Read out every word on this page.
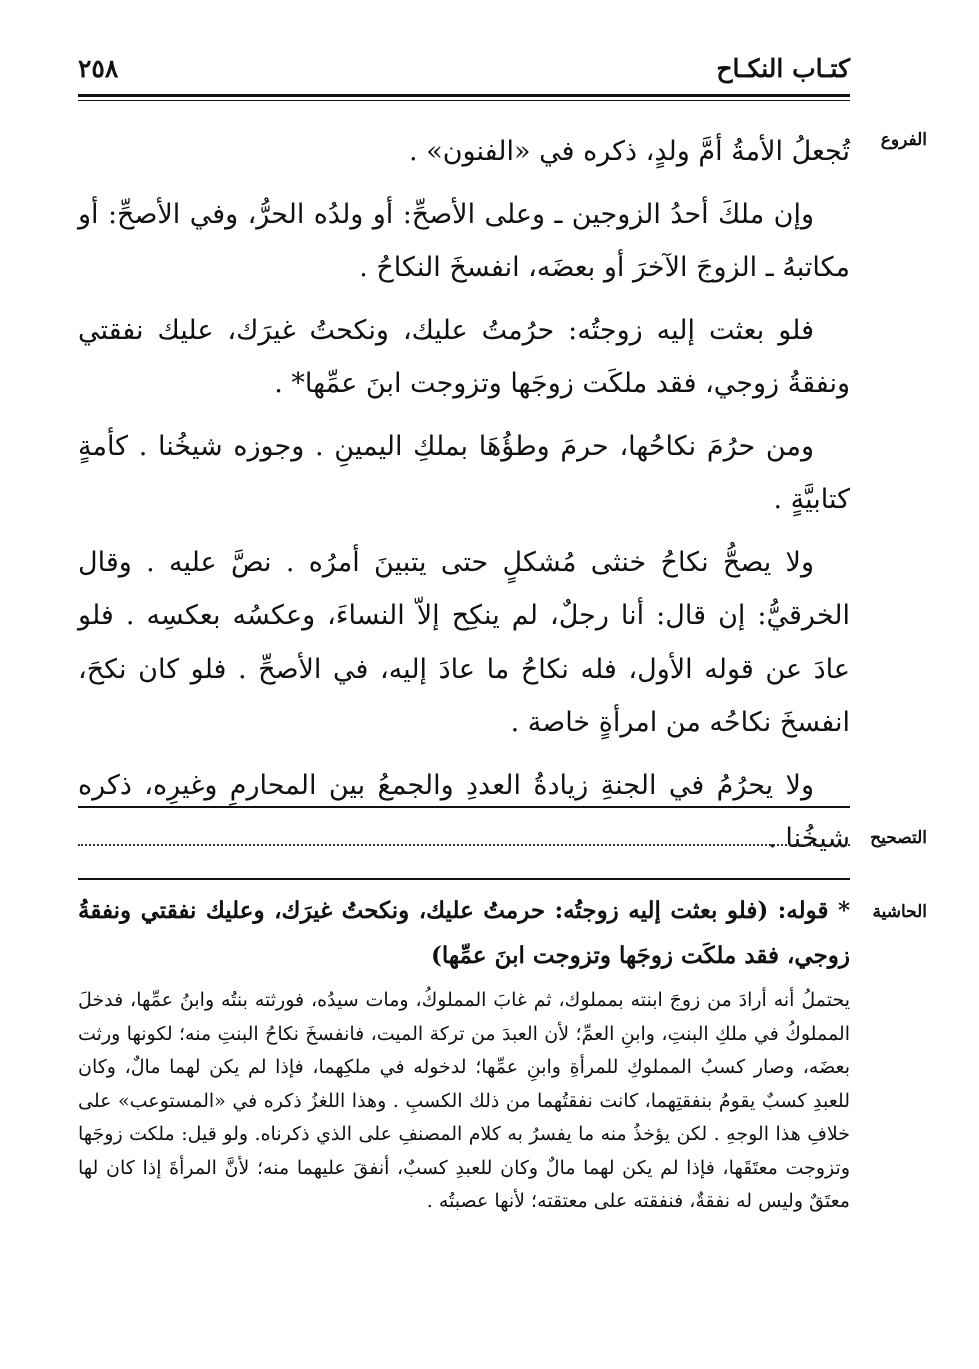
كتـاب النكـاح
٢٥٨
الفروع

تُجعلُ الأمةُ أمَّ ولدٍ، ذكره في «الفنون» .

وإن ملكَ أحدُ الزوجين ـ وعلى الأصحِّ: أو ولدُه الحرُّ، وفي الأصحِّ: أو مكاتبهُ ـ الزوجَ الآخرَ أو بعضَه، انفسخَ النكاحُ .

فلو بعثت إليه زوجتُه: حرُمتُ عليك، ونكحتُ غيرَك، عليك نفقتي ونفقةُ زوجي، فقد ملكَت زوجَها وتزوجت ابنَ عمِّها* .

ومن حرُمَ نكاحُها، حرمَ وطؤُهَا بملكِ اليمينِ . وجوزه شيخُنا . كأمةٍ كتابيَّةٍ .

ولا يصحُّ نكاحُ خنثى مُشكلٍ حتى يتبينَ أمرُه . نصَّ عليه . وقال الخرقيُّ: إن قال: أنا رجلٌ، لم ينكِح إلاّ النساءَ، وعكسُه بعكسِه . فلو عادَ عن قوله الأول، فله نكاحُ ما عادَ إليه، في الأصحِّ . فلو كان نكحَ، انفسخَ نكاحُه من امرأةٍ خاصة .

ولا يحرُمُ في الجنةِ زيادةُ العددِ والجمعُ بين المحارمِ وغيرِه، ذكره شيخُنا .	التصحيح
الحاشية

* قوله: (فلو بعثت إليه زوجتُه: حرمتُ عليك، ونكحتُ غيرَك، وعليك نفقتي ونفقةُ زوجي، فقد ملكَت زوجَها وتزوجت ابنَ عمِّها)

يحتملُ أنه أرادَ من زوجَ ابنته بمملوك، ثم غابَ المملوكُ، ومات سيدُه، فورثته بنتُه وابنُ عمِّها، فدخلَ المملوكُ في ملكِ البنتِ، وابنِ العمِّ؛ لأن العبدَ من تركة الميت، فانفسخَ نكاحُ البنتِ منه؛ لكونها ورثت بعضَه، وصار كسبُ المملوكِ للمرأةِ وابنِ عمِّها؛ لدخوله في ملكِهما، فإذا لم يكن لهما مالٌ، وكان للعبدِ كسبٌ يقومُ بنفقتِهما، كانت نفقتُهما من ذلك الكسبِ . وهذا اللغزُ ذكره في «المستوعب» على خلافِ هذا الوجهِ . لكن يؤخذُ منه ما يفسرُ به كلام المصنفِ على الذي ذكرناه. ولو قيل: ملكت زوجَها وتزوجت معتَقَها، فإذا لم يكن لهما مالٌ وكان للعبدِ كسبٌ، أنفقَ عليهما منه؛ لأنَّ المرأةَ إذا كان لها معتَقٌ وليس له نفقةٌ، فنفقته على معتقته؛ لأنها عصبتُه .
